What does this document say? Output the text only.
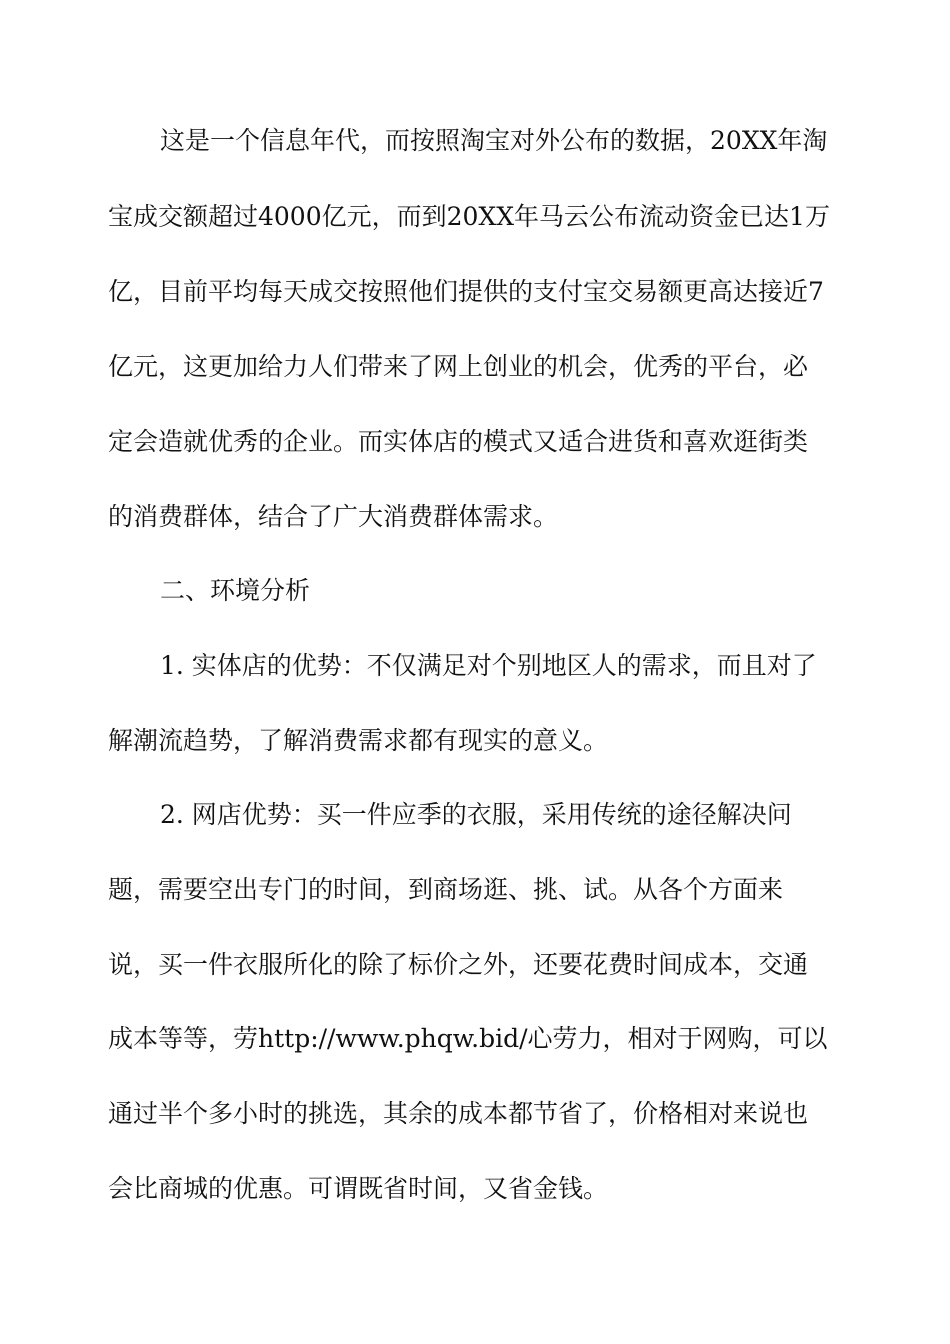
这是一个信息年代，而按照淘宝对外公布的数据，20XX年淘
宝成交额超过4000亿元，而到20XX年马云公布流动资金已达1万
亿，目前平均每天成交按照他们提供的支付宝交易额更高达接近7
亿元，这更加给力人们带来了网上创业的机会，优秀的平台，必
定会造就优秀的企业。而实体店的模式又适合进货和喜欢逛街类
的消费群体，结合了广大消费群体需求。
二、环境分析
1. 实体店的优势：不仅满足对个别地区人的需求，而且对了
解潮流趋势，了解消费需求都有现实的意义。
2. 网店优势：买一件应季的衣服，采用传统的途径解决问
题，需要空出专门的时间，到商场逛、挑、试。从各个方面来
说，买一件衣服所化的除了标价之外，还要花费时间成本，交通
成本等等，劳http://www.phqw.bid/心劳力，相对于网购，可以
通过半个多小时的挑选，其余的成本都节省了，价格相对来说也
会比商城的优惠。可谓既省时间，又省金钱。
